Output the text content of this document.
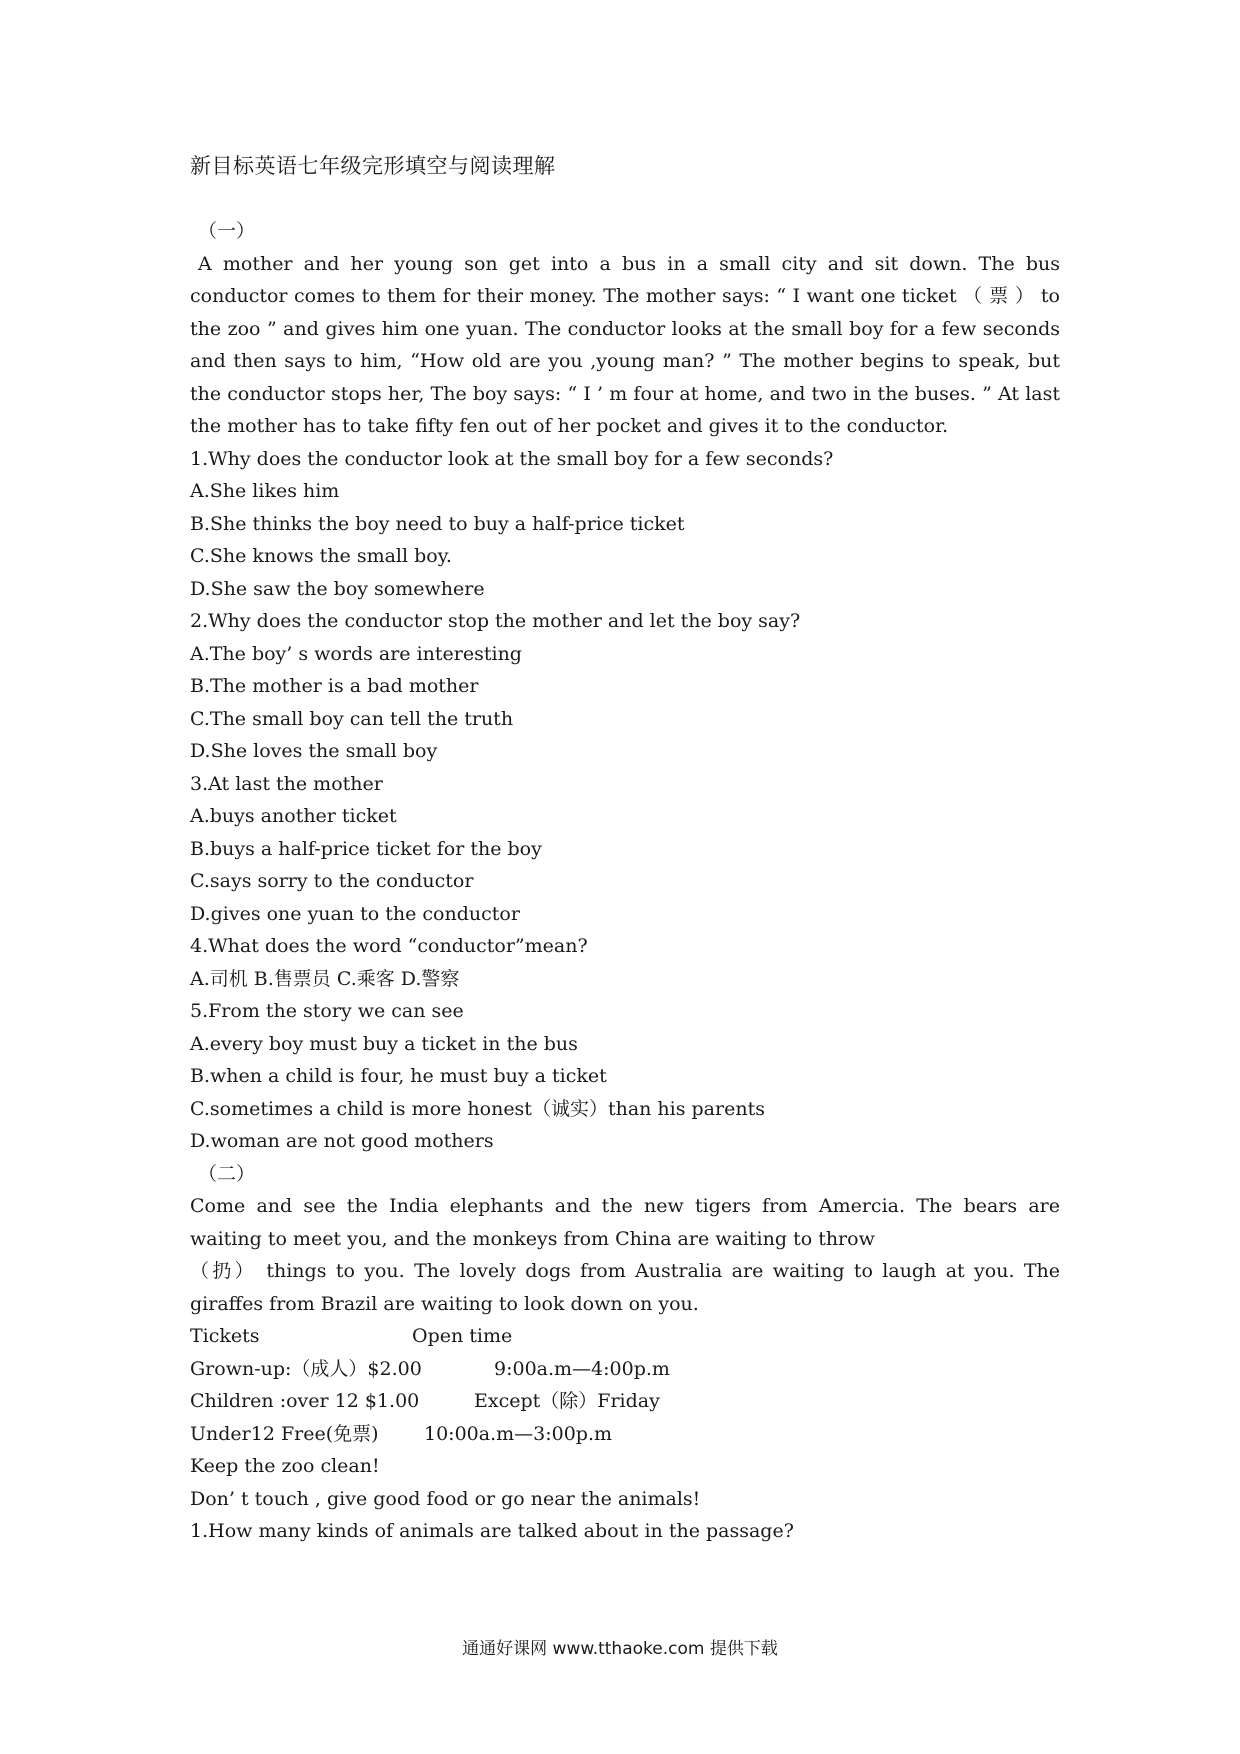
新目标英语七年级完形填空与阅读理解

（一）

A mother and her young son get into a bus in a small city and sit down. The bus conductor comes to them for their money. The mother says: “ I want one ticket （ 票 ） to the zoo ” and gives him one yuan. The conductor looks at the small boy for a few seconds and then says to him, “How old are you ,young man? ” The mother begins to speak, but the conductor stops her, The boy says: “ I ’ m four at home, and two in the buses. ” At last the mother has to take fifty fen out of her pocket and gives it to the conductor.

1.Why does the conductor look at the small boy for a few seconds?

A.She likes him

B.She thinks the boy need to buy a half-price ticket

C.She knows the small boy.

D.She saw the boy somewhere

2.Why does the conductor stop the mother and let the boy say?

A.The boy’ s words are interesting

B.The mother is a bad mother

C.The small boy can tell the truth

D.She loves the small boy

3.At last the mother

A.buys another ticket

B.buys a half-price ticket for the boy

C.says sorry to the conductor

D.gives one yuan to the conductor

4.What does the word “conductor”mean?

A.司机 B.售票员 C.乘客 D.警察

5.From the story we can see

A.every boy must buy a ticket in the bus

B.when a child is four, he must buy a ticket

C.sometimes a child is more honest（诚实）than his parents

D.woman are not good mothers

（二）

Come and see the India elephants and the new tigers from Amercia. The bears are waiting to meet you, and the monkeys from China are waiting to throw

（扔） things to you. The lovely dogs from Australia are waiting to laugh at you. The giraffes from Brazil are waiting to look down on you.

Tickets	Open time
Grown-up:（成人）$2.00	9:00a.m—4:00p.m
Children :over 12 $1.00	Except（除）Friday
Under12 Free(免票)	10:00a.m—3:00p.m

Keep the zoo clean!

Don’ t touch , give good food or go near the animals!

1.How many kinds of animals are talked about in the passage?

通通好课网 www.tthaoke.com 提供下载
